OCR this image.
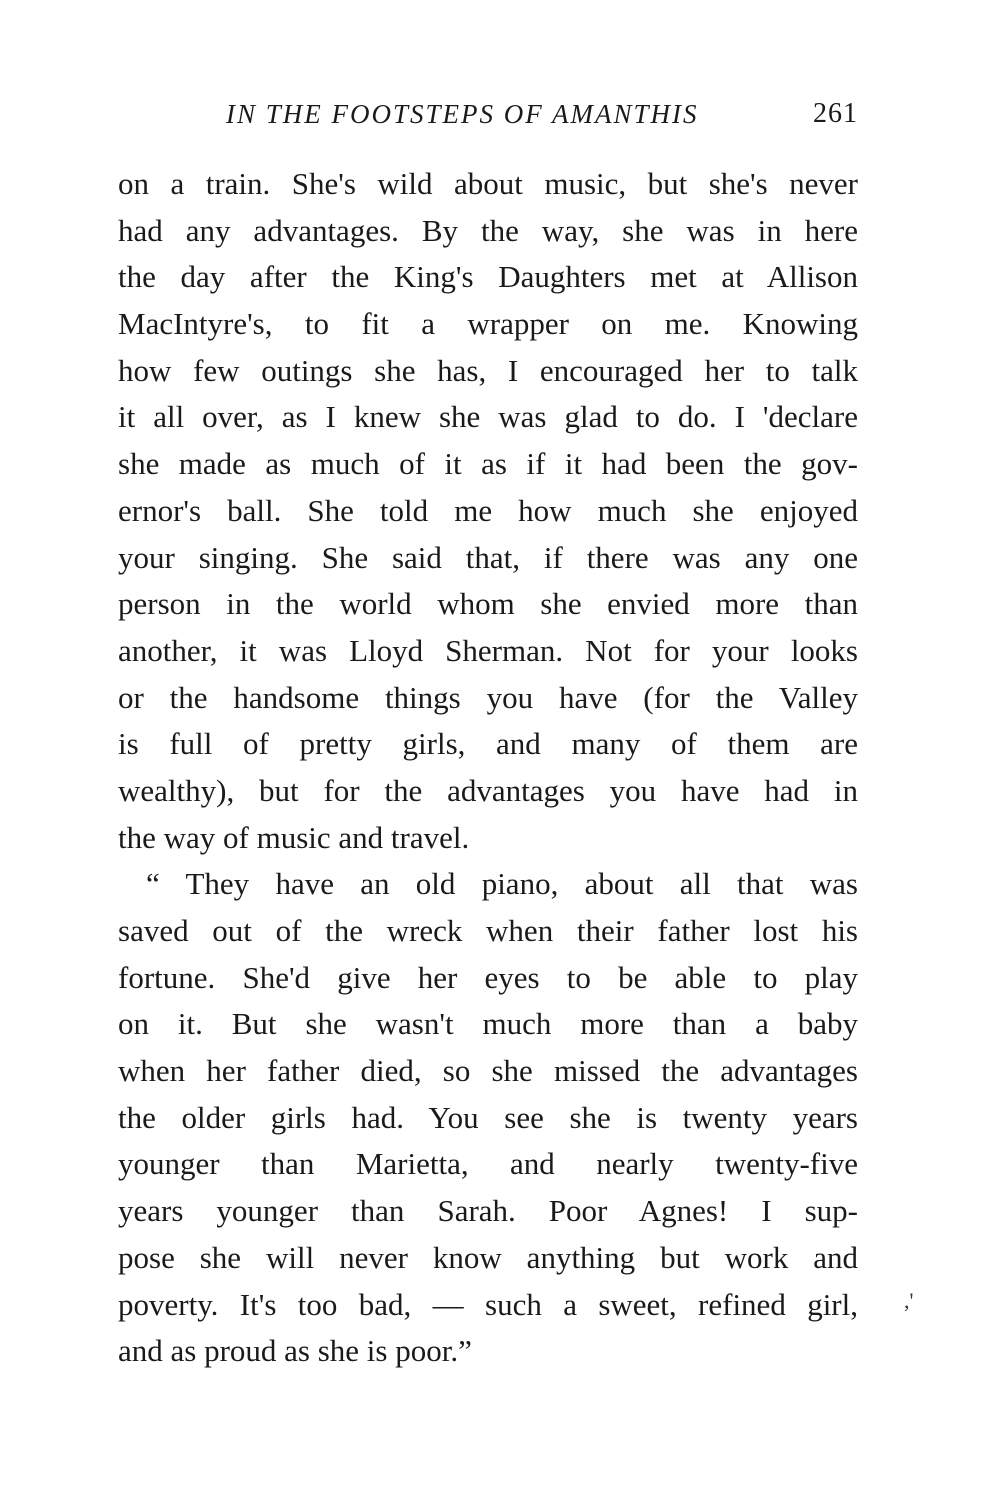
IN THE FOOTSTEPS OF AMANTHIS	261
on a train. She's wild about music, but she's never
had any advantages. By the way, she was in here
the day after the King's Daughters met at Allison
MacIntyre's, to fit a wrapper on me. Knowing
how few outings she has, I encouraged her to talk
it all over, as I knew she was glad to do. I 'declare
she made as much of it as if it had been the gov-
ernor's ball. She told me how much she enjoyed
your singing. She said that, if there was any one
person in the world whom she envied more than
another, it was Lloyd Sherman. Not for your looks
or the handsome things you have (for the Valley
is full of pretty girls, and many of them are
wealthy), but for the advantages you have had in
the way of music and travel.
“ They have an old piano, about all that was
saved out of the wreck when their father lost his
fortune. She'd give her eyes to be able to play
on it. But she wasn't much more than a baby
when her father died, so she missed the advantages
the older girls had. You see she is twenty years
younger than Marietta, and nearly twenty-five
years younger than Sarah. Poor Agnes! I sup-
pose she will never know anything but work and
poverty. It's too bad, — such a sweet, refined girl,
and as proud as she is poor.”
,'
